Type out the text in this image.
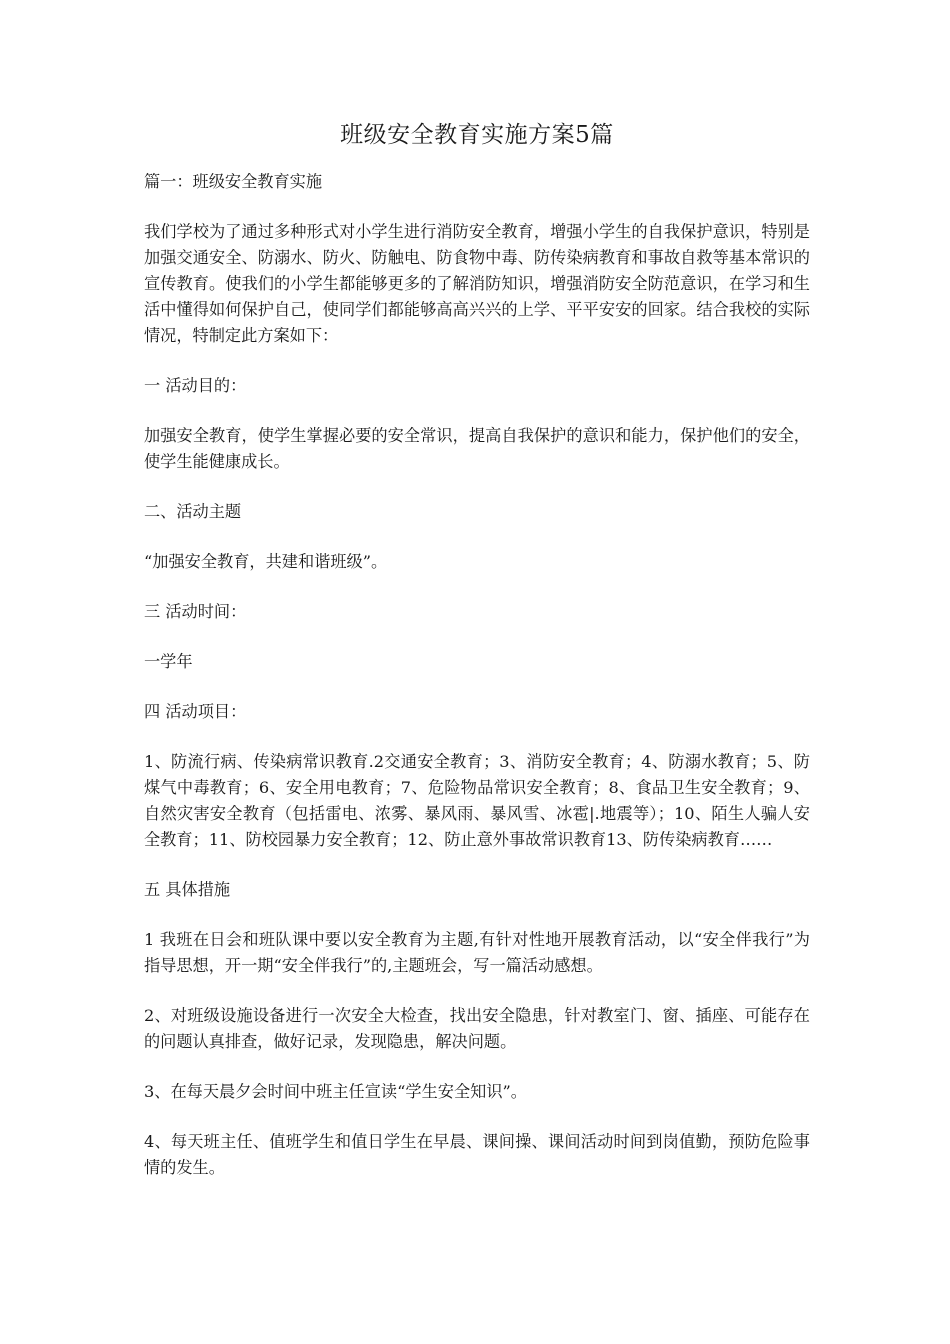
班级安全教育实施方案5篇

篇一：班级安全教育实施

我们学校为了通过多种形式对小学生进行消防安全教育，增强小学生的自我保护意识，特别是加强交通安全、防溺水、防火、防触电、防食物中毒、防传染病教育和事故自救等基本常识的宣传教育。使我们的小学生都能够更多的了解消防知识，增强消防安全防范意识，在学习和生活中懂得如何保护自己，使同学们都能够高高兴兴的上学、平平安安的回家。结合我校的实际情况，特制定此方案如下：

一 活动目的：

加强安全教育，使学生掌握必要的安全常识，提高自我保护的意识和能力，保护他们的安全，使学生能健康成长。

二、活动主题

“加强安全教育，共建和谐班级”。

三 活动时间：

一学年

四 活动项目：

1、防流行病、传染病常识教育.2交通安全教育；3、消防安全教育；4、防溺水教育；5、防煤气中毒教育；6、安全用电教育；7、危险物品常识安全教育；8、食品卫生安全教育；9、自然灾害安全教育（包括雷电、浓雾、暴风雨、暴风雪、冰雹|.地震等）；10、陌生人骗人安全教育；11、防校园暴力安全教育；12、防止意外事故常识教育13、防传染病教育……

五 具体措施

1 我班在日会和班队课中要以安全教育为主题,有针对性地开展教育活动，以“安全伴我行”为指导思想，开一期“安全伴我行”的,主题班会，写一篇活动感想。

2、对班级设施设备进行一次安全大检查，找出安全隐患，针对教室门、窗、插座、可能存在的问题认真排查，做好记录，发现隐患，解决问题。

3、在每天晨夕会时间中班主任宣读“学生安全知识”。

4、每天班主任、值班学生和值日学生在早晨、课间操、课间活动时间到岗值勤，预防危险事情的发生。
